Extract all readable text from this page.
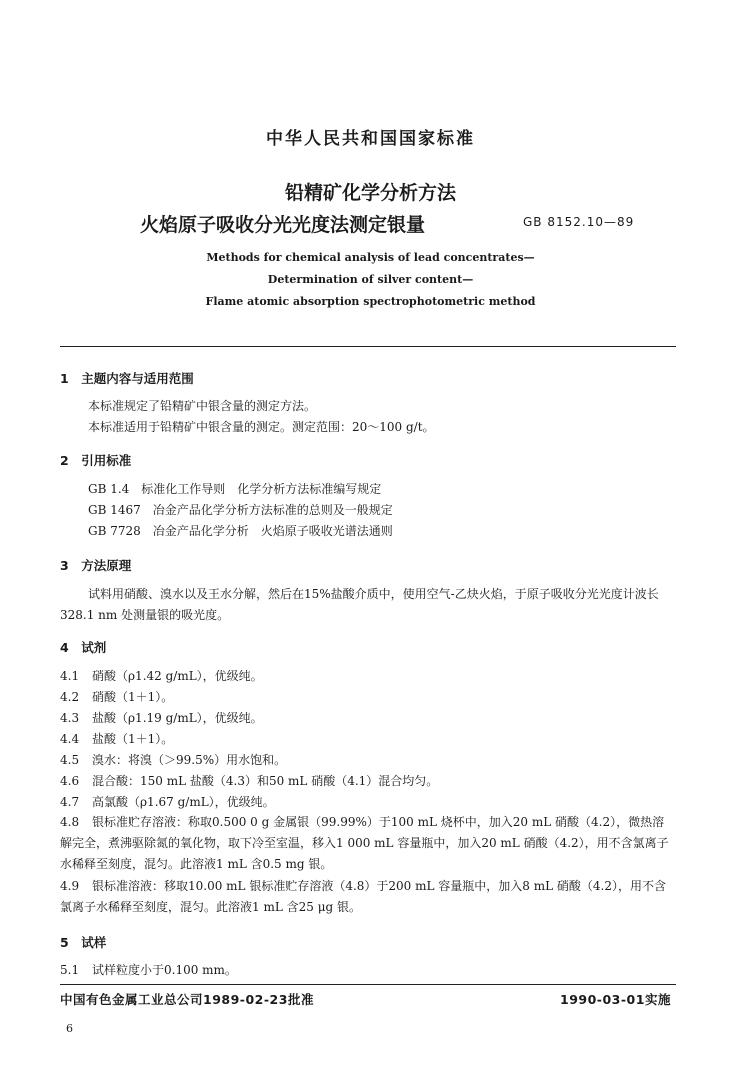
中华人民共和国国家标准
铅精矿化学分析方法
火焰原子吸收分光光度法测定银量	GB 8152.10—89
Methods for chemical analysis of lead concentrates—
Determination of silver content—
Flame atomic absorption spectrophotometric method
1　主题内容与适用范围
本标准规定了铅精矿中银含量的测定方法。
本标准适用于铅精矿中银含量的测定。测定范围：20～100 g/t。
2　引用标准
GB 1.4　标准化工作导则　化学分析方法标准编写规定
GB 1467　冶金产品化学分析方法标准的总则及一般规定
GB 7728　冶金产品化学分析　火焰原子吸收光谱法通则
3　方法原理
试料用硝酸、溴水以及王水分解，然后在15%盐酸介质中，使用空气-乙炔火焰，于原子吸收分光光度计波长328.1 nm 处测量银的吸光度。
4　试剂
4.1 硝酸（ρ1.42 g/mL），优级纯。
4.2 硝酸（1＋1）。
4.3 盐酸（ρ1.19 g/mL），优级纯。
4.4 盐酸（1＋1）。
4.5 溴水：将溴（＞99.5%）用水饱和。
4.6 混合酸：150 mL 盐酸（4.3）和50 mL 硝酸（4.1）混合均匀。
4.7 高氯酸（ρ1.67 g/mL），优级纯。
4.8 银标准贮存溶液：称取0.500 0 g 金属银（99.99%）于100 mL 烧杯中，加入20 mL 硝酸（4.2），微热溶解完全，煮沸驱除氮的氧化物，取下冷至室温，移入1 000 mL 容量瓶中，加入20 mL 硝酸（4.2），用不含氯离子水稀释至刻度，混匀。此溶液1 mL 含0.5 mg 银。
4.9 银标准溶液：移取10.00 mL 银标准贮存溶液（4.8）于200 mL 容量瓶中，加入8 mL 硝酸（4.2），用不含氯离子水稀释至刻度，混匀。此溶液1 mL 含25 μg 银。
5　试样
5.1 试样粒度小于0.100 mm。
中国有色金属工业总公司1989-02-23批准	1990-03-01实施
6
